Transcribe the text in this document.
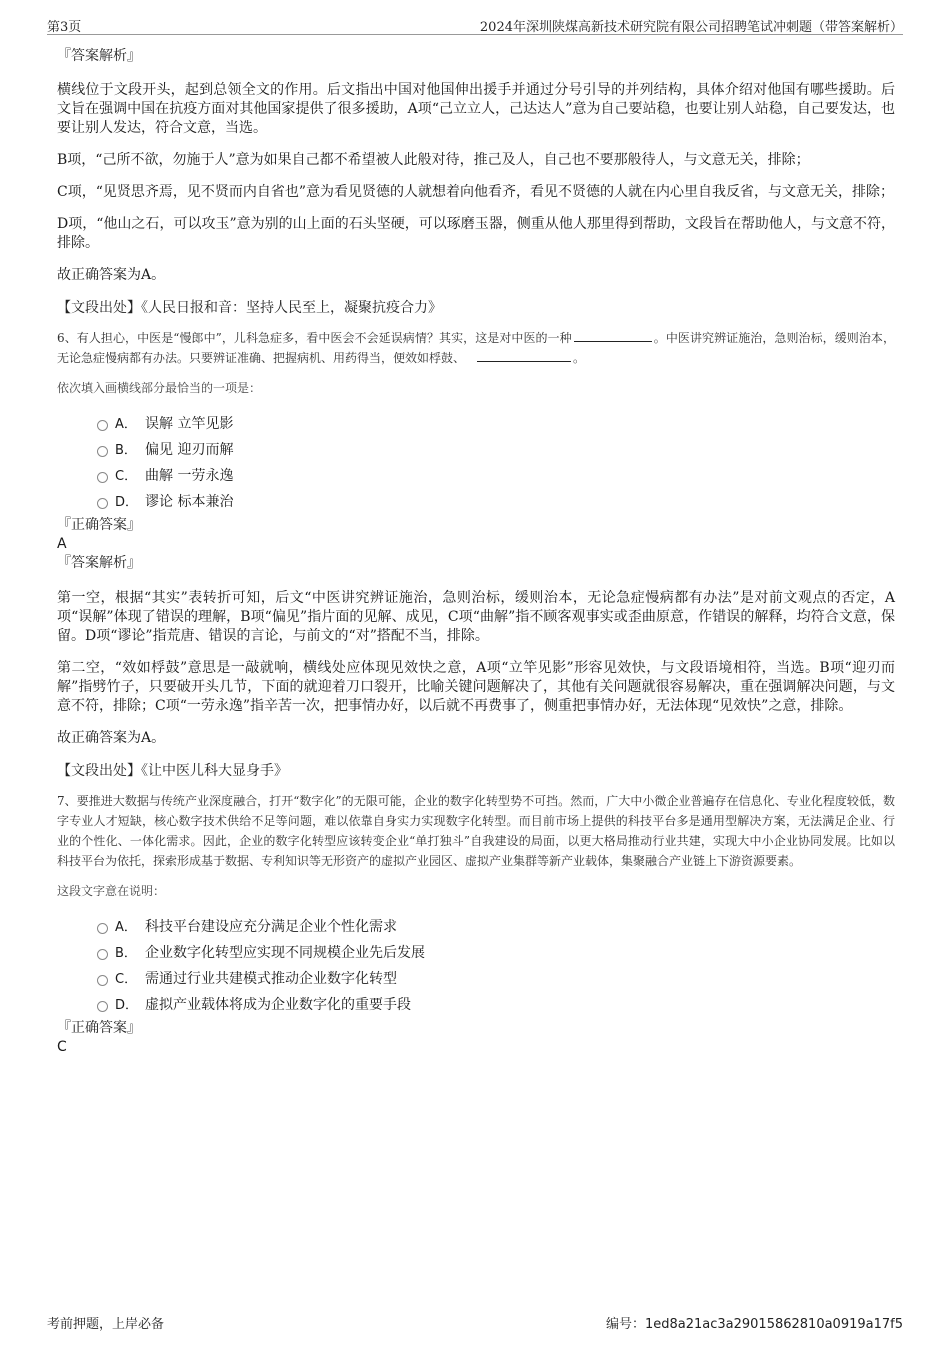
第3页	2024年深圳陕煤高新技术研究院有限公司招聘笔试冲刺题（带答案解析）

『答案解析』

横线位于文段开头，起到总领全文的作用。后文指出中国对他国伸出援手并通过分号引导的并列结构，具体介绍对他国有哪些援助。后文旨在强调中国在抗疫方面对其他国家提供了很多援助，A项“己立立人，己达达人”意为自己要站稳，也要让别人站稳，自己要发达，也要让别人发达，符合文意，当选。

B项，“己所不欲，勿施于人”意为如果自己都不希望被人此般对待，推己及人，自己也不要那般待人，与文意无关，排除；

C项，“见贤思齐焉，见不贤而内自省也”意为看见贤德的人就想着向他看齐，看见不贤德的人就在内心里自我反省，与文意无关，排除；

D项，“他山之石，可以攻玉”意为别的山上面的石头坚硬，可以琢磨玉器，侧重从他人那里得到帮助，文段旨在帮助他人，与文意不符，排除。

故正确答案为A。

【文段出处】《人民日报和音：坚持人民至上，凝聚抗疫合力》

6、有人担心，中医是“慢郎中”，儿科急症多，看中医会不会延误病情？其实，这是对中医的一种	。中医讲究辨证施治，急则治标，缓则治本，无论急症慢病都有办法。只要辨证准确、把握病机、用药得当，便效如桴鼓、	。

依次填入画横线部分最恰当的一项是：

A． 误解 立竿见影
B． 偏见 迎刃而解
C． 曲解 一劳永逸
D． 谬论 标本兼治

『正确答案』

A

『答案解析』

第一空，根据“其实”表转折可知，后文“中医讲究辨证施治，急则治标，缓则治本，无论急症慢病都有办法”是对前文观点的否定，A项“误解”体现了错误的理解，B项“偏见”指片面的见解、成见，C项“曲解”指不顾客观事实或歪曲原意，作错误的解释，均符合文意，保留。D项“谬论”指荒唐、错误的言论，与前文的“对”搭配不当，排除。

第二空，“效如桴鼓”意思是一敲就响，横线处应体现见效快之意，A项“立竿见影”形容见效快，与文段语境相符，当选。B项“迎刃而解”指劈竹子，只要破开头几节，下面的就迎着刀口裂开，比喻关键问题解决了，其他有关问题就很容易解决，重在强调解决问题，与文意不符，排除；C项“一劳永逸”指辛苦一次，把事情办好，以后就不再费事了，侧重把事情办好，无法体现“见效快”之意，排除。

故正确答案为A。

【文段出处】《让中医儿科大显身手》

7、要推进大数据与传统产业深度融合，打开“数字化”的无限可能，企业的数字化转型势不可挡。然而，广大中小微企业普遍存在信息化、专业化程度较低，数字专业人才短缺，核心数字技术供给不足等问题，难以依靠自身实力实现数字化转型。而目前市场上提供的科技平台多是通用型解决方案，无法满足企业、行业的个性化、一体化需求。因此，企业的数字化转型应该转变企业“单打独斗”自我建设的局面，以更大格局推动行业共建，实现大中小企业协同发展。比如以科技平台为依托，探索形成基于数据、专利知识等无形资产的虚拟产业园区、虚拟产业集群等新产业载体，集聚融合产业链上下游资源要素。

这段文字意在说明：

A． 科技平台建设应充分满足企业个性化需求
B． 企业数字化转型应实现不同规模企业先后发展
C． 需通过行业共建模式推动企业数字化转型
D． 虚拟产业载体将成为企业数字化的重要手段

『正确答案』

C

考前押题，上岸必备	编号：1ed8a21ac3a29015862810a0919a17f5
